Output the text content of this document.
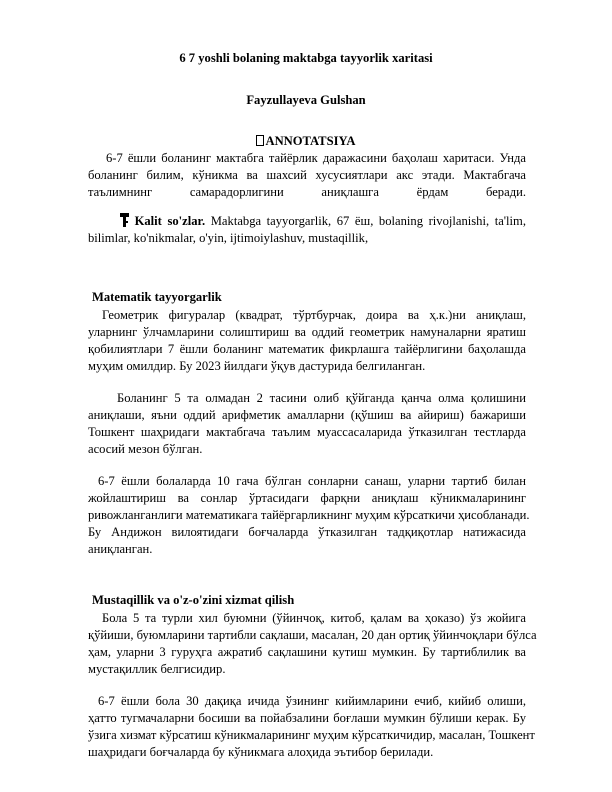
6 7 yoshli bolaning maktabga tayyorlik xaritasi
Fayzullayeva Gulshan
ANNOTATSIYA
6-7 ёшли боланинг мактабга тайёрлик даражасини баҳолаш харитаси. Унда
боланинг билим, кўникма ва шахсий хусусиятлари акс этади. Мактабгача
таълимнинг самарадорлигини аниқлашга ёрдам беради.
Kalit so'zlar. Maktabga tayyorgarlik, 67 ёш, bolaning rivojlanishi, ta'lim,
bilimlar, ko'nikmalar, o'yin, ijtimoiylashuv, mustaqillik,
Matematik tayyorgarlik
Геометрик фигуралар (квадрат, тўртбурчак, доира ва ҳ.к.)ни аниқлаш,
уларнинг ўлчамларини солиштириш ва оддий геометрик намуналарни яратиш
қобилиятлари 7 ёшли боланинг математик фикрлашга тайёрлигини баҳолашда
муҳим омилдир. Бу 2023 йилдаги ўқув дастурида белгиланган.
Боланинг 5 та олмадан 2 тасини олиб қўйганда қанча олма қолишини
аниқлаши, яъни оддий арифметик амалларни (қўшиш ва айириш) бажариши
Тошкент шаҳридаги мактабгача таълим муассасаларида ўтказилган тестларда
асосий мезон бўлган.
6-7 ёшли болаларда 10 гача бўлган сонларни санаш, уларни тартиб билан
жойлаштириш ва сонлар ўртасидаги фарқни аниқлаш кўникмаларининг
ривожланганлиги математикага тайёргарликнинг муҳим кўрсаткичи ҳисобланади.
Бу Андижон вилоятидаги боғчаларда ўтказилган тадқиқотлар натижасида
аниқланган.
Mustaqillik va o'z-o'zini xizmat qilish
Бола 5 та турли хил буюмни (ўйинчоқ, китоб, қалам ва ҳоказо) ўз жойига
қўйиши, буюмларини тартибли сақлаши, масалан, 20 дан ортиқ ўйинчоқлари бўлса
ҳам, уларни 3 гуруҳга ажратиб сақлашини кутиш мумкин. Бу тартиблилик ва
мустақиллик белгисидир.
6-7 ёшли бола 30 дақиқа ичида ўзининг кийимларини ечиб, кийиб олиши,
ҳатто тугмачаларни босиши ва пойабзалини боғлаши мумкин бўлиши керак. Бу
ўзига хизмат кўрсатиш кўникмаларининг муҳим кўрсаткичидир, масалан, Тошкент
шаҳридаги боғчаларда бу кўникмага алоҳида эътибор берилади.
